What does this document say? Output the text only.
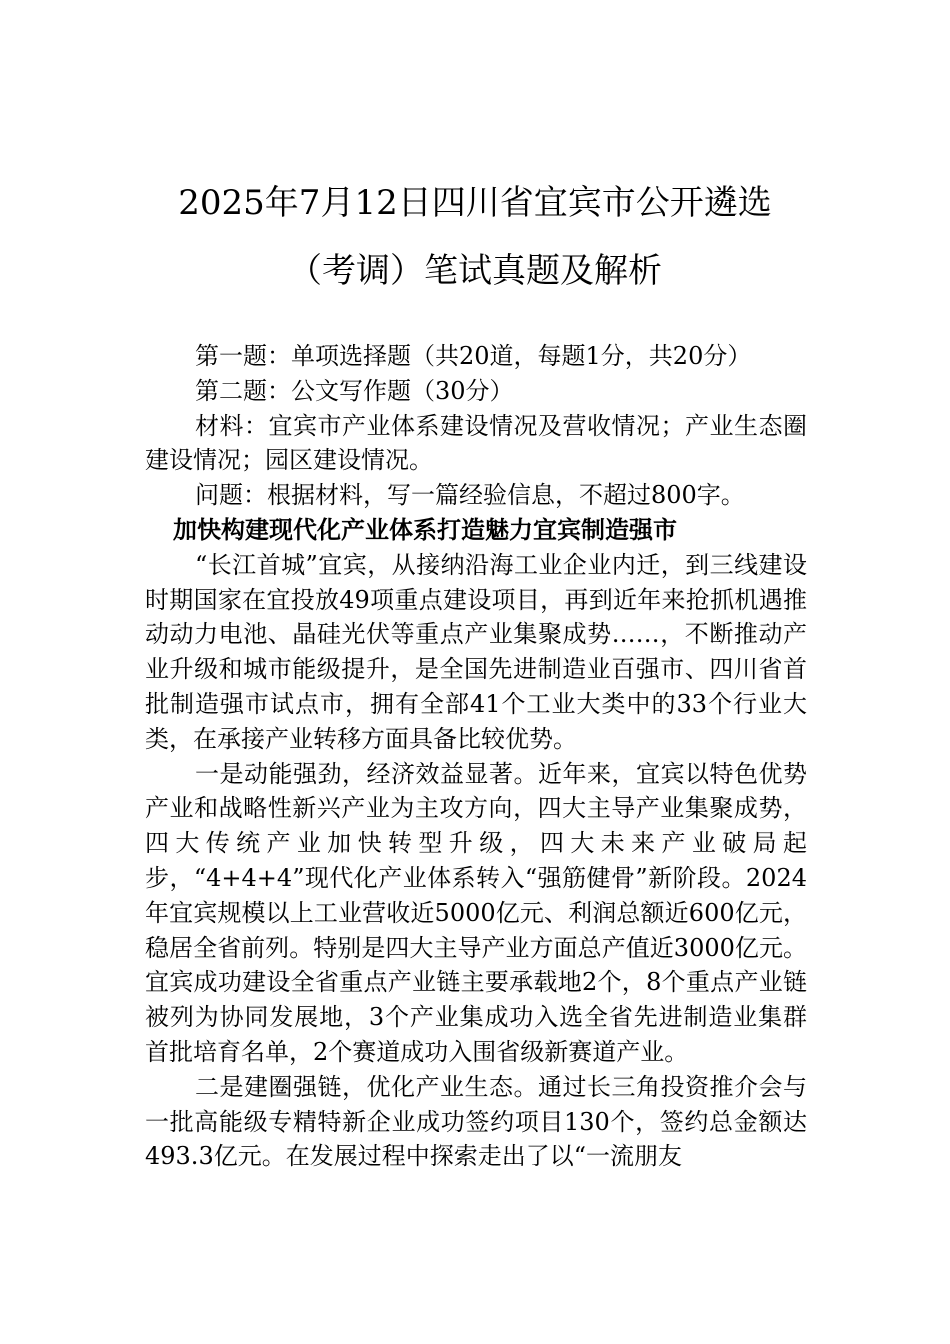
2025年7月12日四川省宜宾市公开遴选
（考调）笔试真题及解析

第一题：单项选择题（共20道，每题1分，共20分）

第二题：公文写作题（30分）

材料：宜宾市产业体系建设情况及营收情况；产业生态圈建设情况；园区建设情况。

问题：根据材料，写一篇经验信息，不超过800字。

加快构建现代化产业体系打造魅力宜宾制造强市

“长江首城”宜宾，从接纳沿海工业企业内迁，到三线建设时期国家在宜投放49项重点建设项目，再到近年来抢抓机遇推动动力电池、晶硅光伏等重点产业集聚成势……，不断推动产业升级和城市能级提升，是全国先进制造业百强市、四川省首批制造强市试点市，拥有全部41个工业大类中的33个行业大类，在承接产业转移方面具备比较优势。

一是动能强劲，经济效益显著。近年来，宜宾以特色优势产业和战略性新兴产业为主攻方向，四大主导产业集聚成势，四大传统产业加快转型升级，四大未来产业破局起步，“4+4+4”现代化产业体系转入“强筋健骨”新阶段。2024年宜宾规模以上工业营收近5000亿元、利润总额近600亿元，稳居全省前列。特别是四大主导产业方面总产值近3000亿元。宜宾成功建设全省重点产业链主要承载地2个，8个重点产业链被列为协同发展地，3个产业集成功入选全省先进制造业集群首批培育名单，2个赛道成功入围省级新赛道产业。

二是建圈强链，优化产业生态。通过长三角投资推介会与一批高能级专精特新企业成功签约项目130个，签约总金额达493.3亿元。在发展过程中探索走出了以“一流朋友
